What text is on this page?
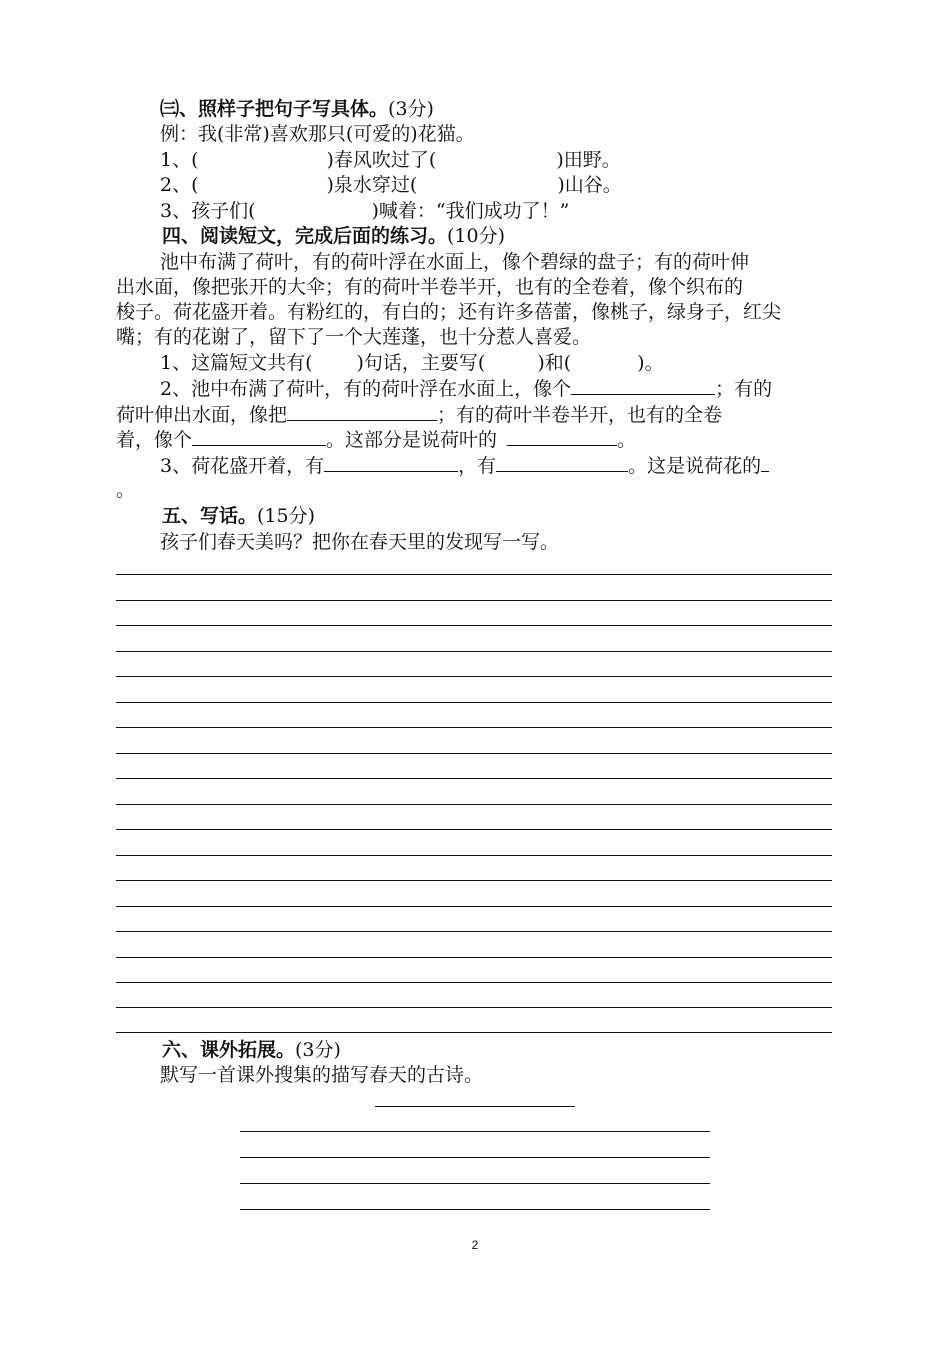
㈢、照样子把句子写具体。(3分)
例：我(非常)喜欢那只(可爱的)花猫。
1、(	)春风吹过了(	)田野。
2、(	)泉水穿过(	)山谷。
3、孩子们(	)喊着：“我们成功了！”
四、阅读短文，完成后面的练习。(10分)
池中布满了荷叶，有的荷叶浮在水面上，像个碧绿的盘子；有的荷叶伸
出水面，像把张开的大伞；有的荷叶半卷半开，也有的全卷着，像个织布的
梭子。荷花盛开着。有粉红的，有白的；还有许多蓓蕾，像桃子，绿身子，红尖
嘴；有的花谢了，留下了一个大莲蓬，也十分惹人喜爱。
1、这篇短文共有( )句话，主要写(	)和(	)。
2、池中布满了荷叶，有的荷叶浮在水面上，像个	；有的
荷叶伸出水面，像把	；有的荷叶半卷半开，也有的全卷
着，像个	。这部分是说荷叶的	。
3、荷花盛开着，有	，有	。这是说荷花的
。
五、写话。(15分)
孩子们春天美吗？把你在春天里的发现写一写。
六、课外拓展。(3分)
默写一首课外搜集的描写春天的古诗。
2
